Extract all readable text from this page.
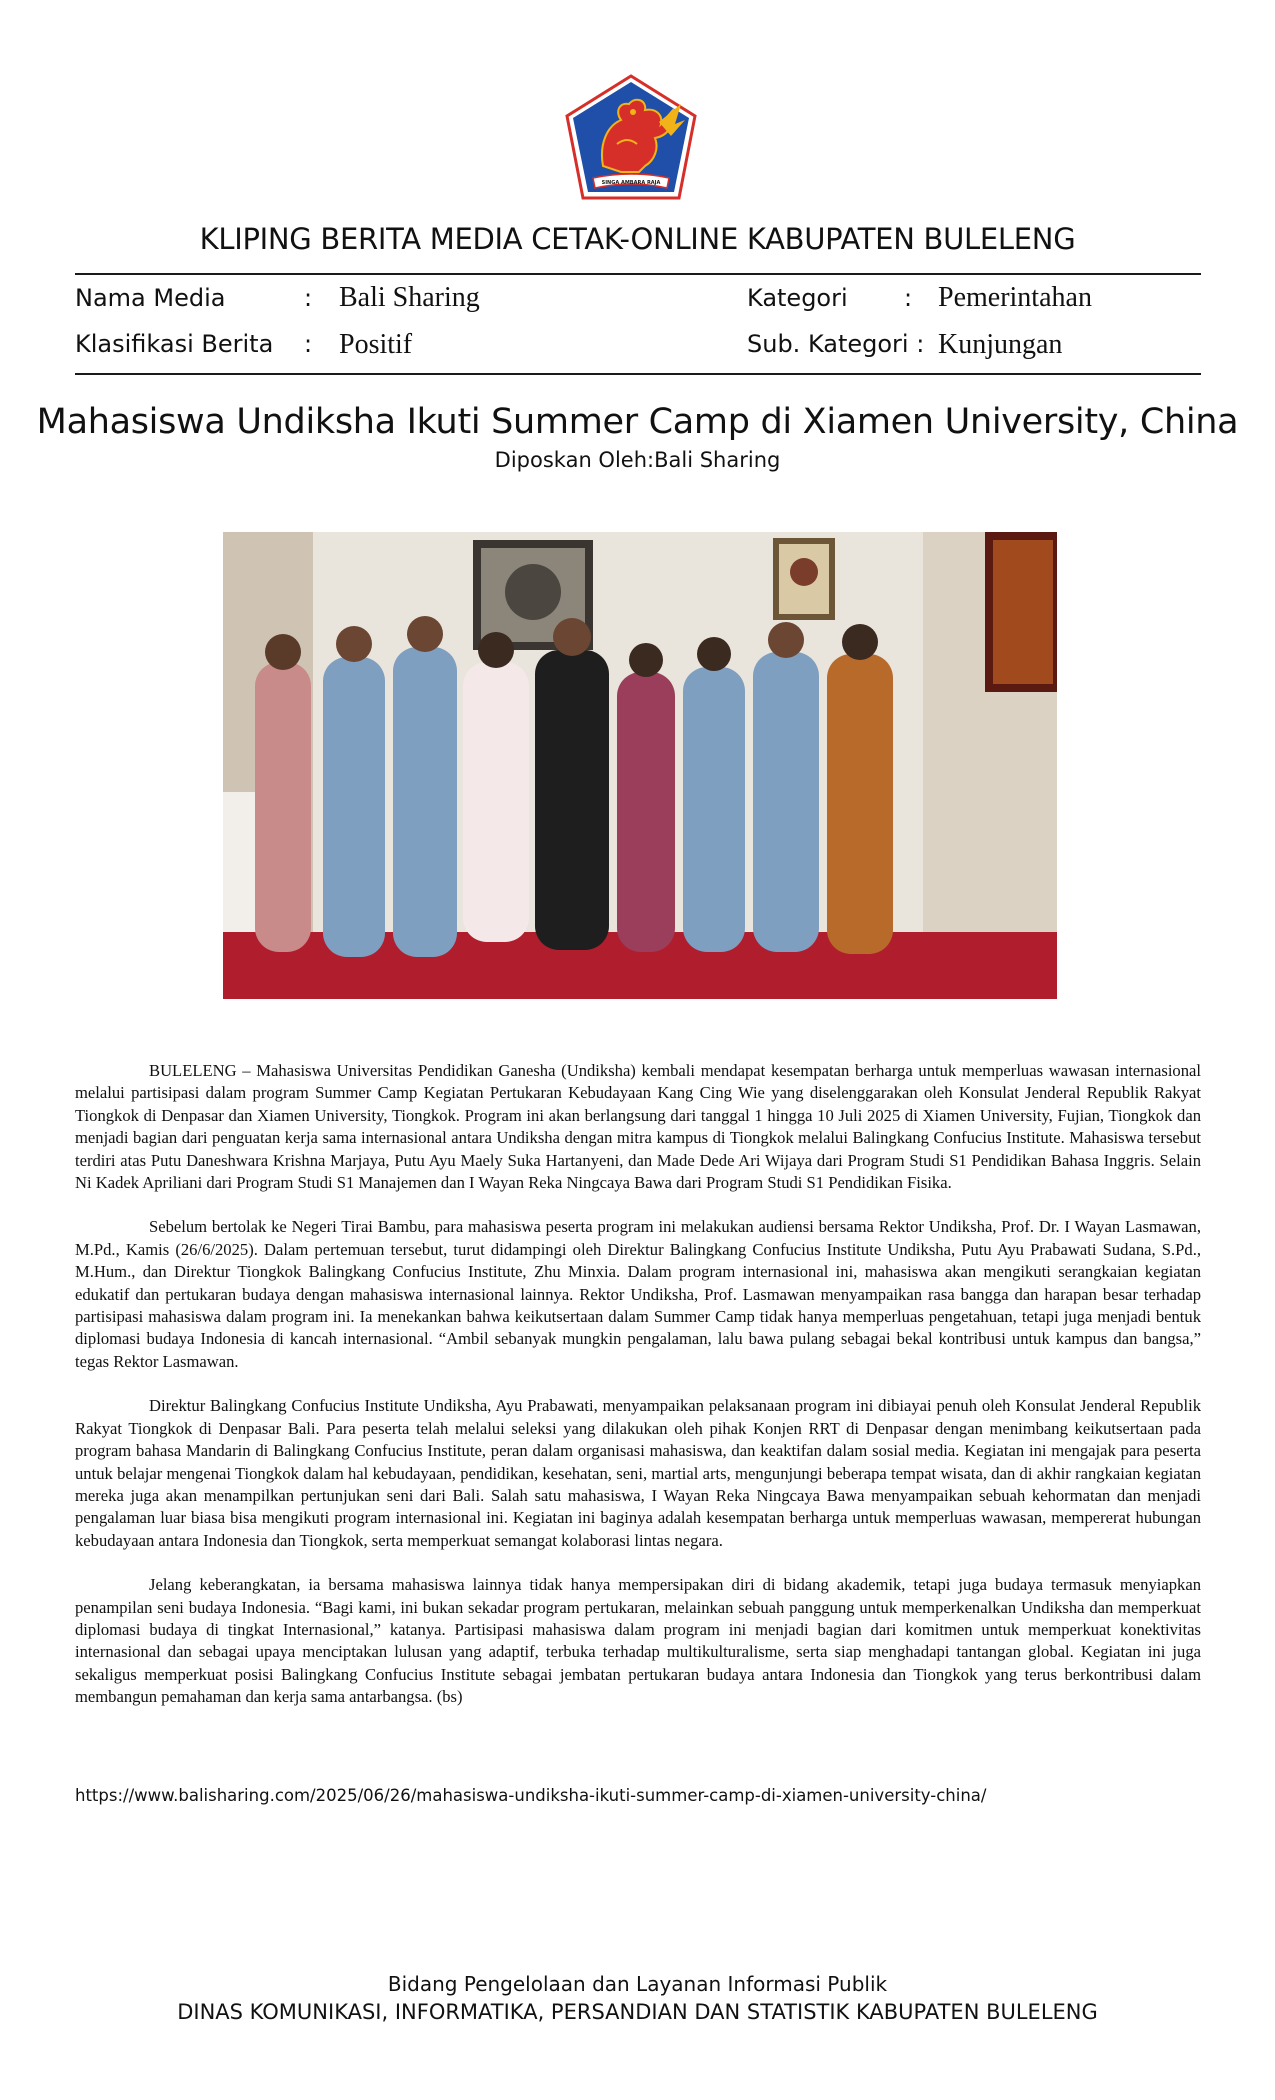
SINGA AMBARA RAJA
KLIPING BERITA MEDIA CETAK-ONLINE KABUPATEN BULELENG
Nama Media	: Bali Sharing	Kategori : Pemerintahan
Klasifikasi Berita : Positif	Sub. Kategori : Kunjungan
Mahasiswa Undiksha Ikuti Summer Camp di Xiamen University, China
Diposkan Oleh:Bali Sharing

BULELENG – Mahasiswa Universitas Pendidikan Ganesha (Undiksha) kembali mendapat kesempatan berharga untuk memperluas wawasan internasional melalui partisipasi dalam program Summer Camp Kegiatan Pertukaran Kebudayaan Kang Cing Wie yang diselenggarakan oleh Konsulat Jenderal Republik Rakyat Tiongkok di Denpasar dan Xiamen University, Tiongkok. Program ini akan berlangsung dari tanggal 1 hingga 10 Juli 2025 di Xiamen University, Fujian, Tiongkok dan menjadi bagian dari penguatan kerja sama internasional antara Undiksha dengan mitra kampus di Tiongkok melalui Balingkang Confucius Institute. Mahasiswa tersebut terdiri atas Putu Daneshwara Krishna Marjaya, Putu Ayu Maely Suka Hartanyeni, dan Made Dede Ari Wijaya dari Program Studi S1 Pendidikan Bahasa Inggris. Selain Ni Kadek Apriliani dari Program Studi S1 Manajemen dan I Wayan Reka Ningcaya Bawa dari Program Studi S1 Pendidikan Fisika.

Sebelum bertolak ke Negeri Tirai Bambu, para mahasiswa peserta program ini melakukan audiensi bersama Rektor Undiksha, Prof. Dr. I Wayan Lasmawan, M.Pd., Kamis (26/6/2025). Dalam pertemuan tersebut, turut didampingi oleh Direktur Balingkang Confucius Institute Undiksha, Putu Ayu Prabawati Sudana, S.Pd., M.Hum., dan Direktur Tiongkok Balingkang Confucius Institute, Zhu Minxia. Dalam program internasional ini, mahasiswa akan mengikuti serangkaian kegiatan edukatif dan pertukaran budaya dengan mahasiswa internasional lainnya. Rektor Undiksha, Prof. Lasmawan menyampaikan rasa bangga dan harapan besar terhadap partisipasi mahasiswa dalam program ini. Ia menekankan bahwa keikutsertaan dalam Summer Camp tidak hanya memperluas pengetahuan, tetapi juga menjadi bentuk diplomasi budaya Indonesia di kancah internasional. “Ambil sebanyak mungkin pengalaman, lalu bawa pulang sebagai bekal kontribusi untuk kampus dan bangsa,” tegas Rektor Lasmawan.

Direktur Balingkang Confucius Institute Undiksha, Ayu Prabawati, menyampaikan pelaksanaan program ini dibiayai penuh oleh Konsulat Jenderal Republik Rakyat Tiongkok di Denpasar Bali. Para peserta telah melalui seleksi yang dilakukan oleh pihak Konjen RRT di Denpasar dengan menimbang keikutsertaan pada program bahasa Mandarin di Balingkang Confucius Institute, peran dalam organisasi mahasiswa, dan keaktifan dalam sosial media. Kegiatan ini mengajak para peserta untuk belajar mengenai Tiongkok dalam hal kebudayaan, pendidikan, kesehatan, seni, martial arts, mengunjungi beberapa tempat wisata, dan di akhir rangkaian kegiatan mereka juga akan menampilkan pertunjukan seni dari Bali. Salah satu mahasiswa, I Wayan Reka Ningcaya Bawa menyampaikan sebuah kehormatan dan menjadi pengalaman luar biasa bisa mengikuti program internasional ini. Kegiatan ini baginya adalah kesempatan berharga untuk memperluas wawasan, mempererat hubungan kebudayaan antara Indonesia dan Tiongkok, serta memperkuat semangat kolaborasi lintas negara.

Jelang keberangkatan, ia bersama mahasiswa lainnya tidak hanya mempersipakan diri di bidang akademik, tetapi juga budaya termasuk menyiapkan penampilan seni budaya Indonesia. “Bagi kami, ini bukan sekadar program pertukaran, melainkan sebuah panggung untuk memperkenalkan Undiksha dan memperkuat diplomasi budaya di tingkat Internasional,” katanya. Partisipasi mahasiswa dalam program ini menjadi bagian dari komitmen untuk memperkuat konektivitas internasional dan sebagai upaya menciptakan lulusan yang adaptif, terbuka terhadap multikulturalisme, serta siap menghadapi tantangan global. Kegiatan ini juga sekaligus memperkuat posisi Balingkang Confucius Institute sebagai jembatan pertukaran budaya antara Indonesia dan Tiongkok yang terus berkontribusi dalam membangun pemahaman dan kerja sama antarbangsa. (bs)

https://www.balisharing.com/2025/06/26/mahasiswa-undiksha-ikuti-summer-camp-di-xiamen-university-china/
Bidang Pengelolaan dan Layanan Informasi Publik
DINAS KOMUNIKASI, INFORMATIKA, PERSANDIAN DAN STATISTIK KABUPATEN BULELENG
